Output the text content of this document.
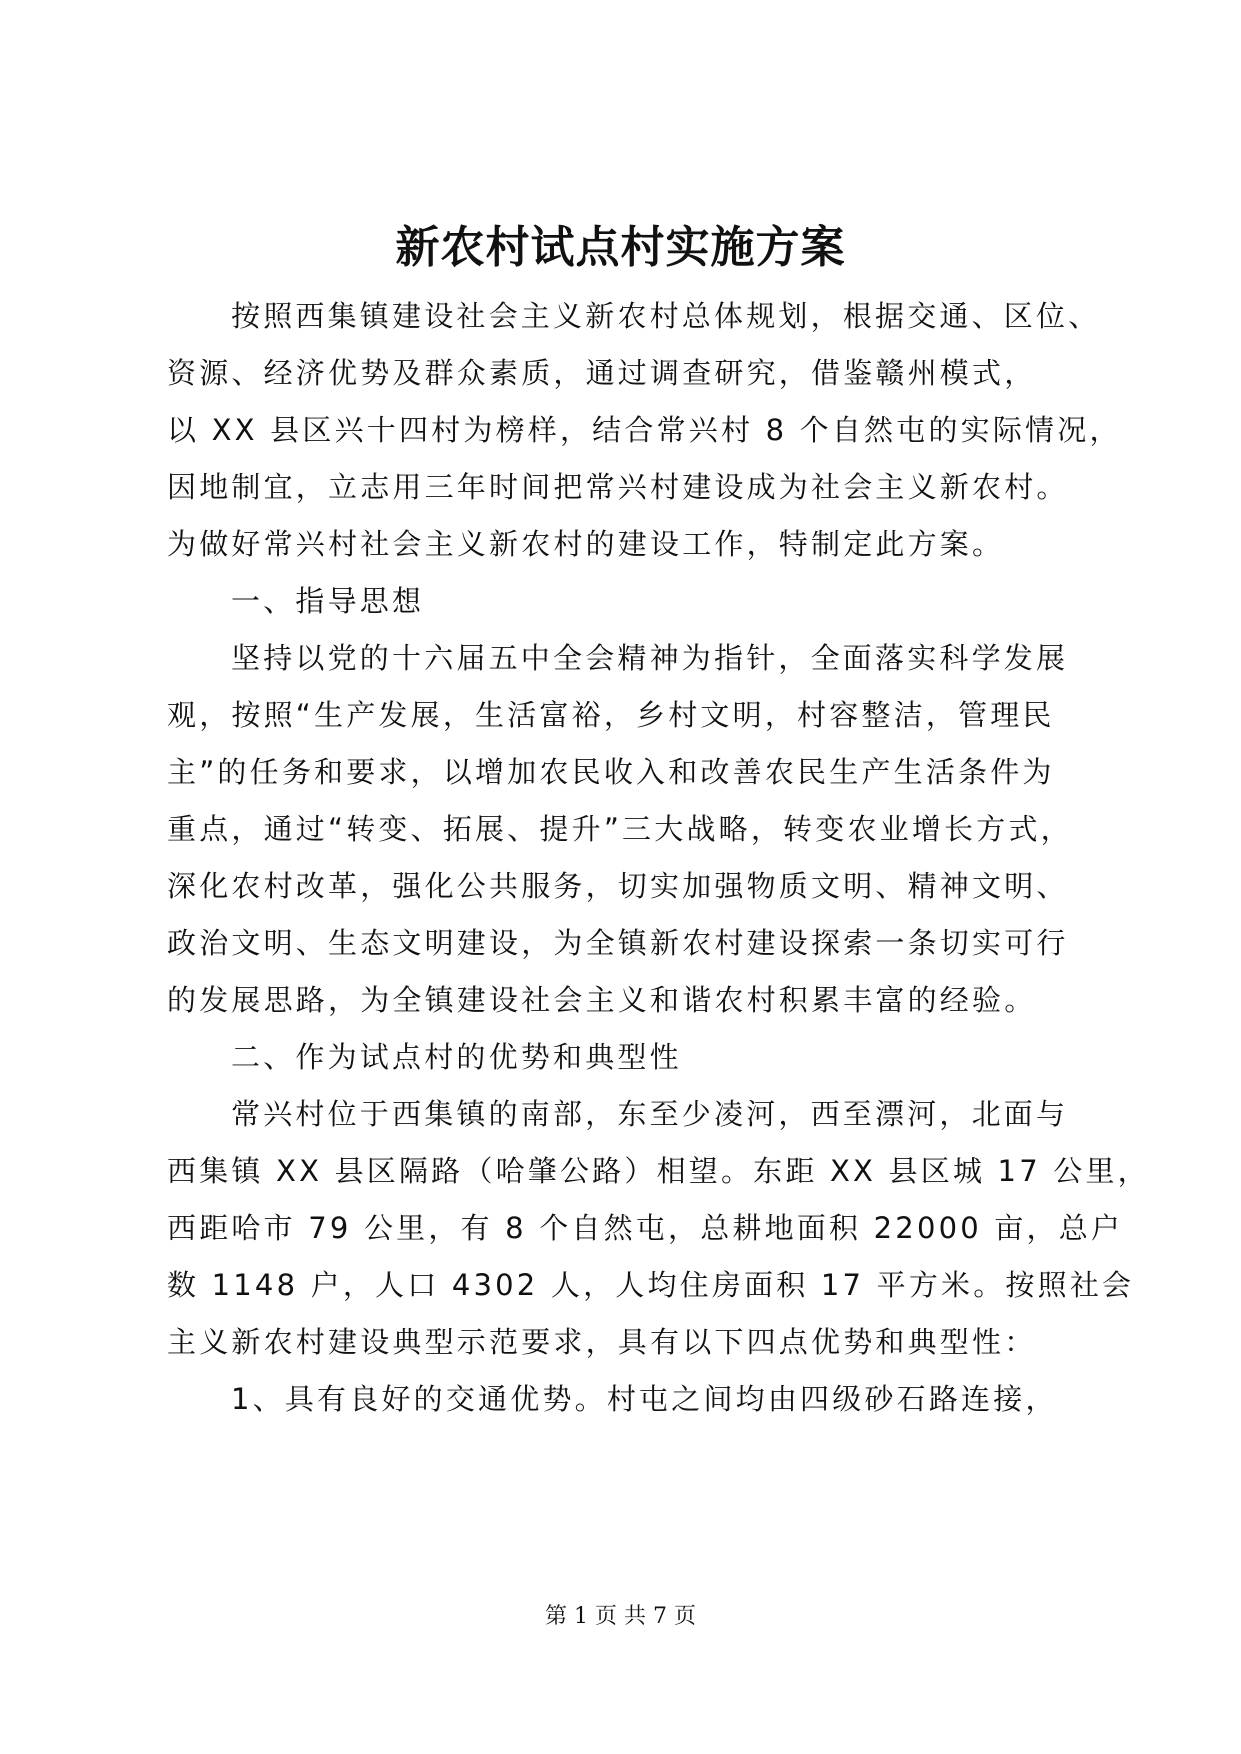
新农村试点村实施方案
按照西集镇建设社会主义新农村总体规划，根据交通、区位、
资源、经济优势及群众素质，通过调查研究，借鉴赣州模式，
以 XX 县区兴十四村为榜样，结合常兴村 8 个自然屯的实际情况，
因地制宜，立志用三年时间把常兴村建设成为社会主义新农村。
为做好常兴村社会主义新农村的建设工作，特制定此方案。
一、指导思想
坚持以党的十六届五中全会精神为指针，全面落实科学发展
观，按照“生产发展，生活富裕，乡村文明，村容整洁，管理民
主”的任务和要求，以增加农民收入和改善农民生产生活条件为
重点，通过“转变、拓展、提升”三大战略，转变农业增长方式，
深化农村改革，强化公共服务，切实加强物质文明、精神文明、
政治文明、生态文明建设，为全镇新农村建设探索一条切实可行
的发展思路，为全镇建设社会主义和谐农村积累丰富的经验。
二、作为试点村的优势和典型性
常兴村位于西集镇的南部，东至少凌河，西至漂河，北面与
西集镇 XX 县区隔路（哈肇公路）相望。东距 XX 县区城 17 公里，
西距哈市 79 公里，有 8 个自然屯，总耕地面积 22000 亩，总户
数 1148 户，人口 4302 人，人均住房面积 17 平方米。按照社会
主义新农村建设典型示范要求，具有以下四点优势和典型性：
1、具有良好的交通优势。村屯之间均由四级砂石路连接，
第 1 页 共 7 页
